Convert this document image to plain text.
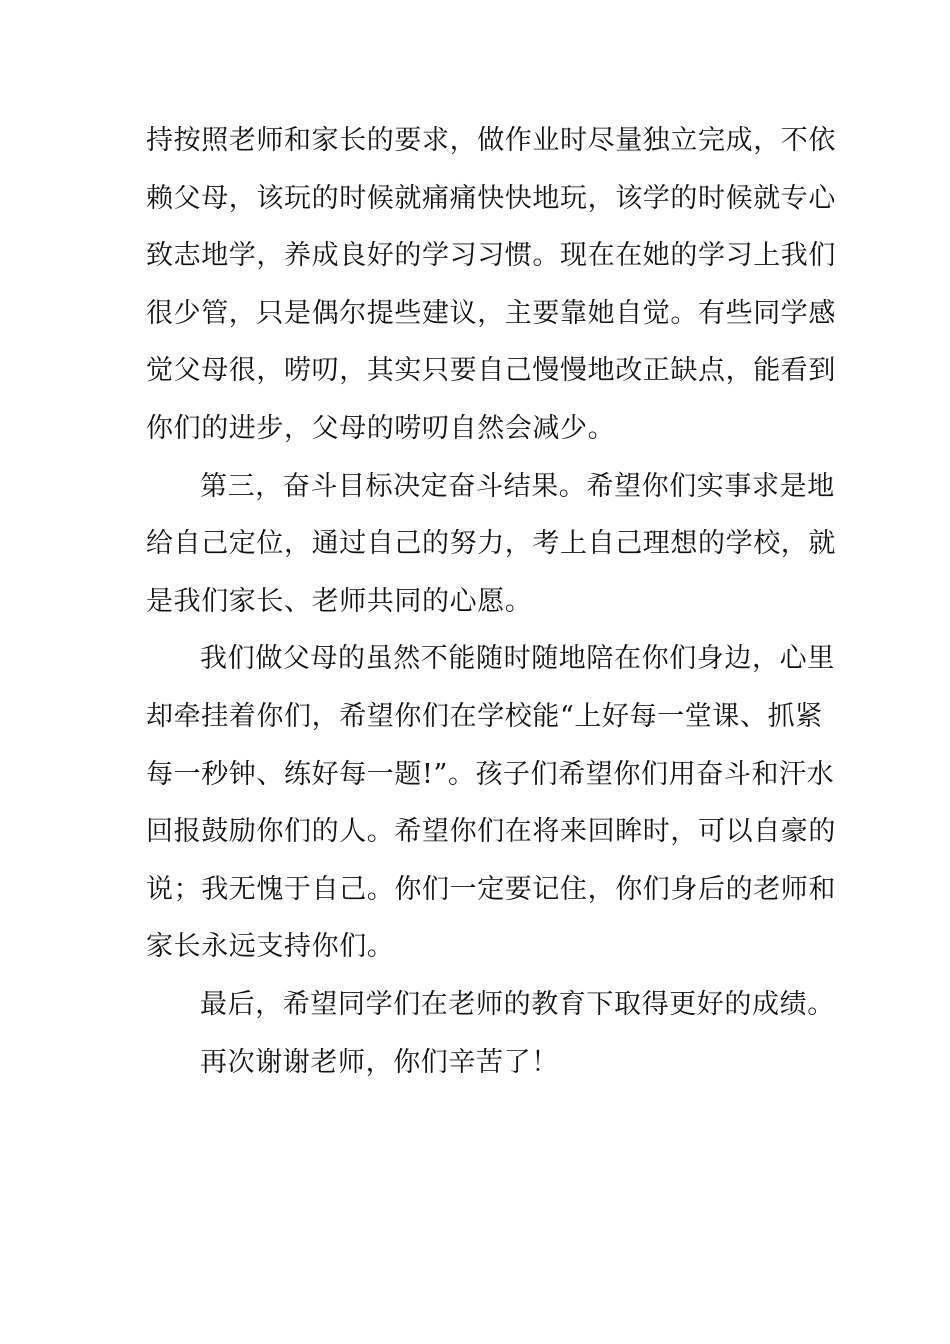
持按照老师和家长的要求，做作业时尽量独立完成，不依
赖父母，该玩的时候就痛痛快快地玩，该学的时候就专心
致志地学，养成良好的学习习惯。现在在她的学习上我们
很少管，只是偶尔提些建议，主要靠她自觉。有些同学感
觉父母很，唠叨，其实只要自己慢慢地改正缺点，能看到
你们的进步，父母的唠叨自然会减少。
第三，奋斗目标决定奋斗结果。希望你们实事求是地
给自己定位，通过自己的努力，考上自己理想的学校，就
是我们家长、老师共同的心愿。
我们做父母的虽然不能随时随地陪在你们身边，心里
却牵挂着你们，希望你们在学校能“上好每一堂课、抓紧
每一秒钟、练好每一题!”。孩子们希望你们用奋斗和汗水
回报鼓励你们的人。希望你们在将来回眸时，可以自豪的
说；我无愧于自己。你们一定要记住，你们身后的老师和
家长永远支持你们。
最后，希望同学们在老师的教育下取得更好的成绩。
再次谢谢老师，你们辛苦了！
